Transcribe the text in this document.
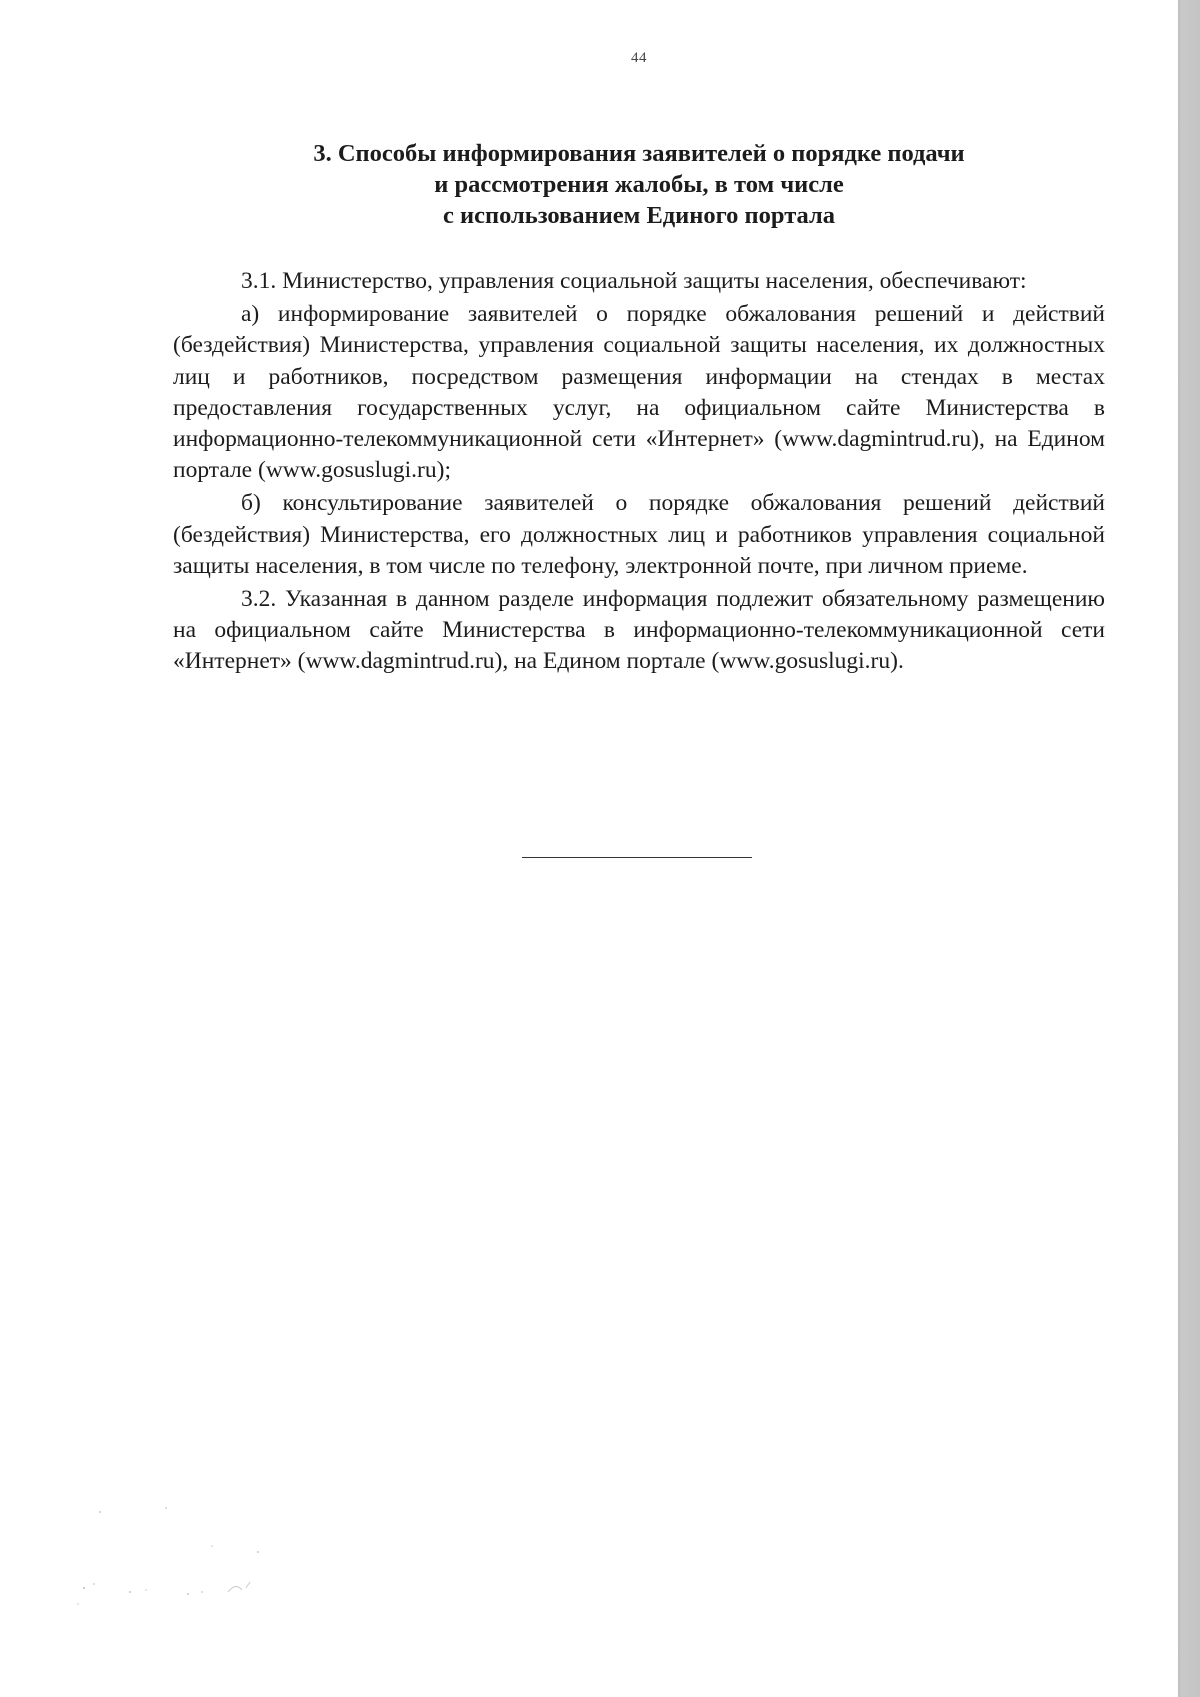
44
3. Способы информирования заявителей о порядке подачи
и рассмотрения жалобы, в том числе
с использованием Единого портала

3.1. Министерство, управления социальной защиты населения, обеспечивают:

а) информирование заявителей о порядке обжалования решений и действий (бездействия) Министерства, управления социальной защиты населения, их должностных лиц и работников, посредством размещения информации на стендах в местах предоставления государственных услуг, на официальном сайте Министерства в информационно-телекоммуникационной сети «Интернет» (www.dagmintrud.ru), на Едином портале (www.gosuslugi.ru);

б) консультирование заявителей о порядке обжалования решений действий (бездействия) Министерства, его должностных лиц и работников управления социальной защиты населения, в том числе по телефону, электронной почте, при личном приеме.

3.2. Указанная в данном разделе информация подлежит обязательному размещению на официальном сайте Министерства в информационно-телекоммуникационной сети «Интернет» (www.dagmintrud.ru), на Едином портале (www.gosuslugi.ru).
